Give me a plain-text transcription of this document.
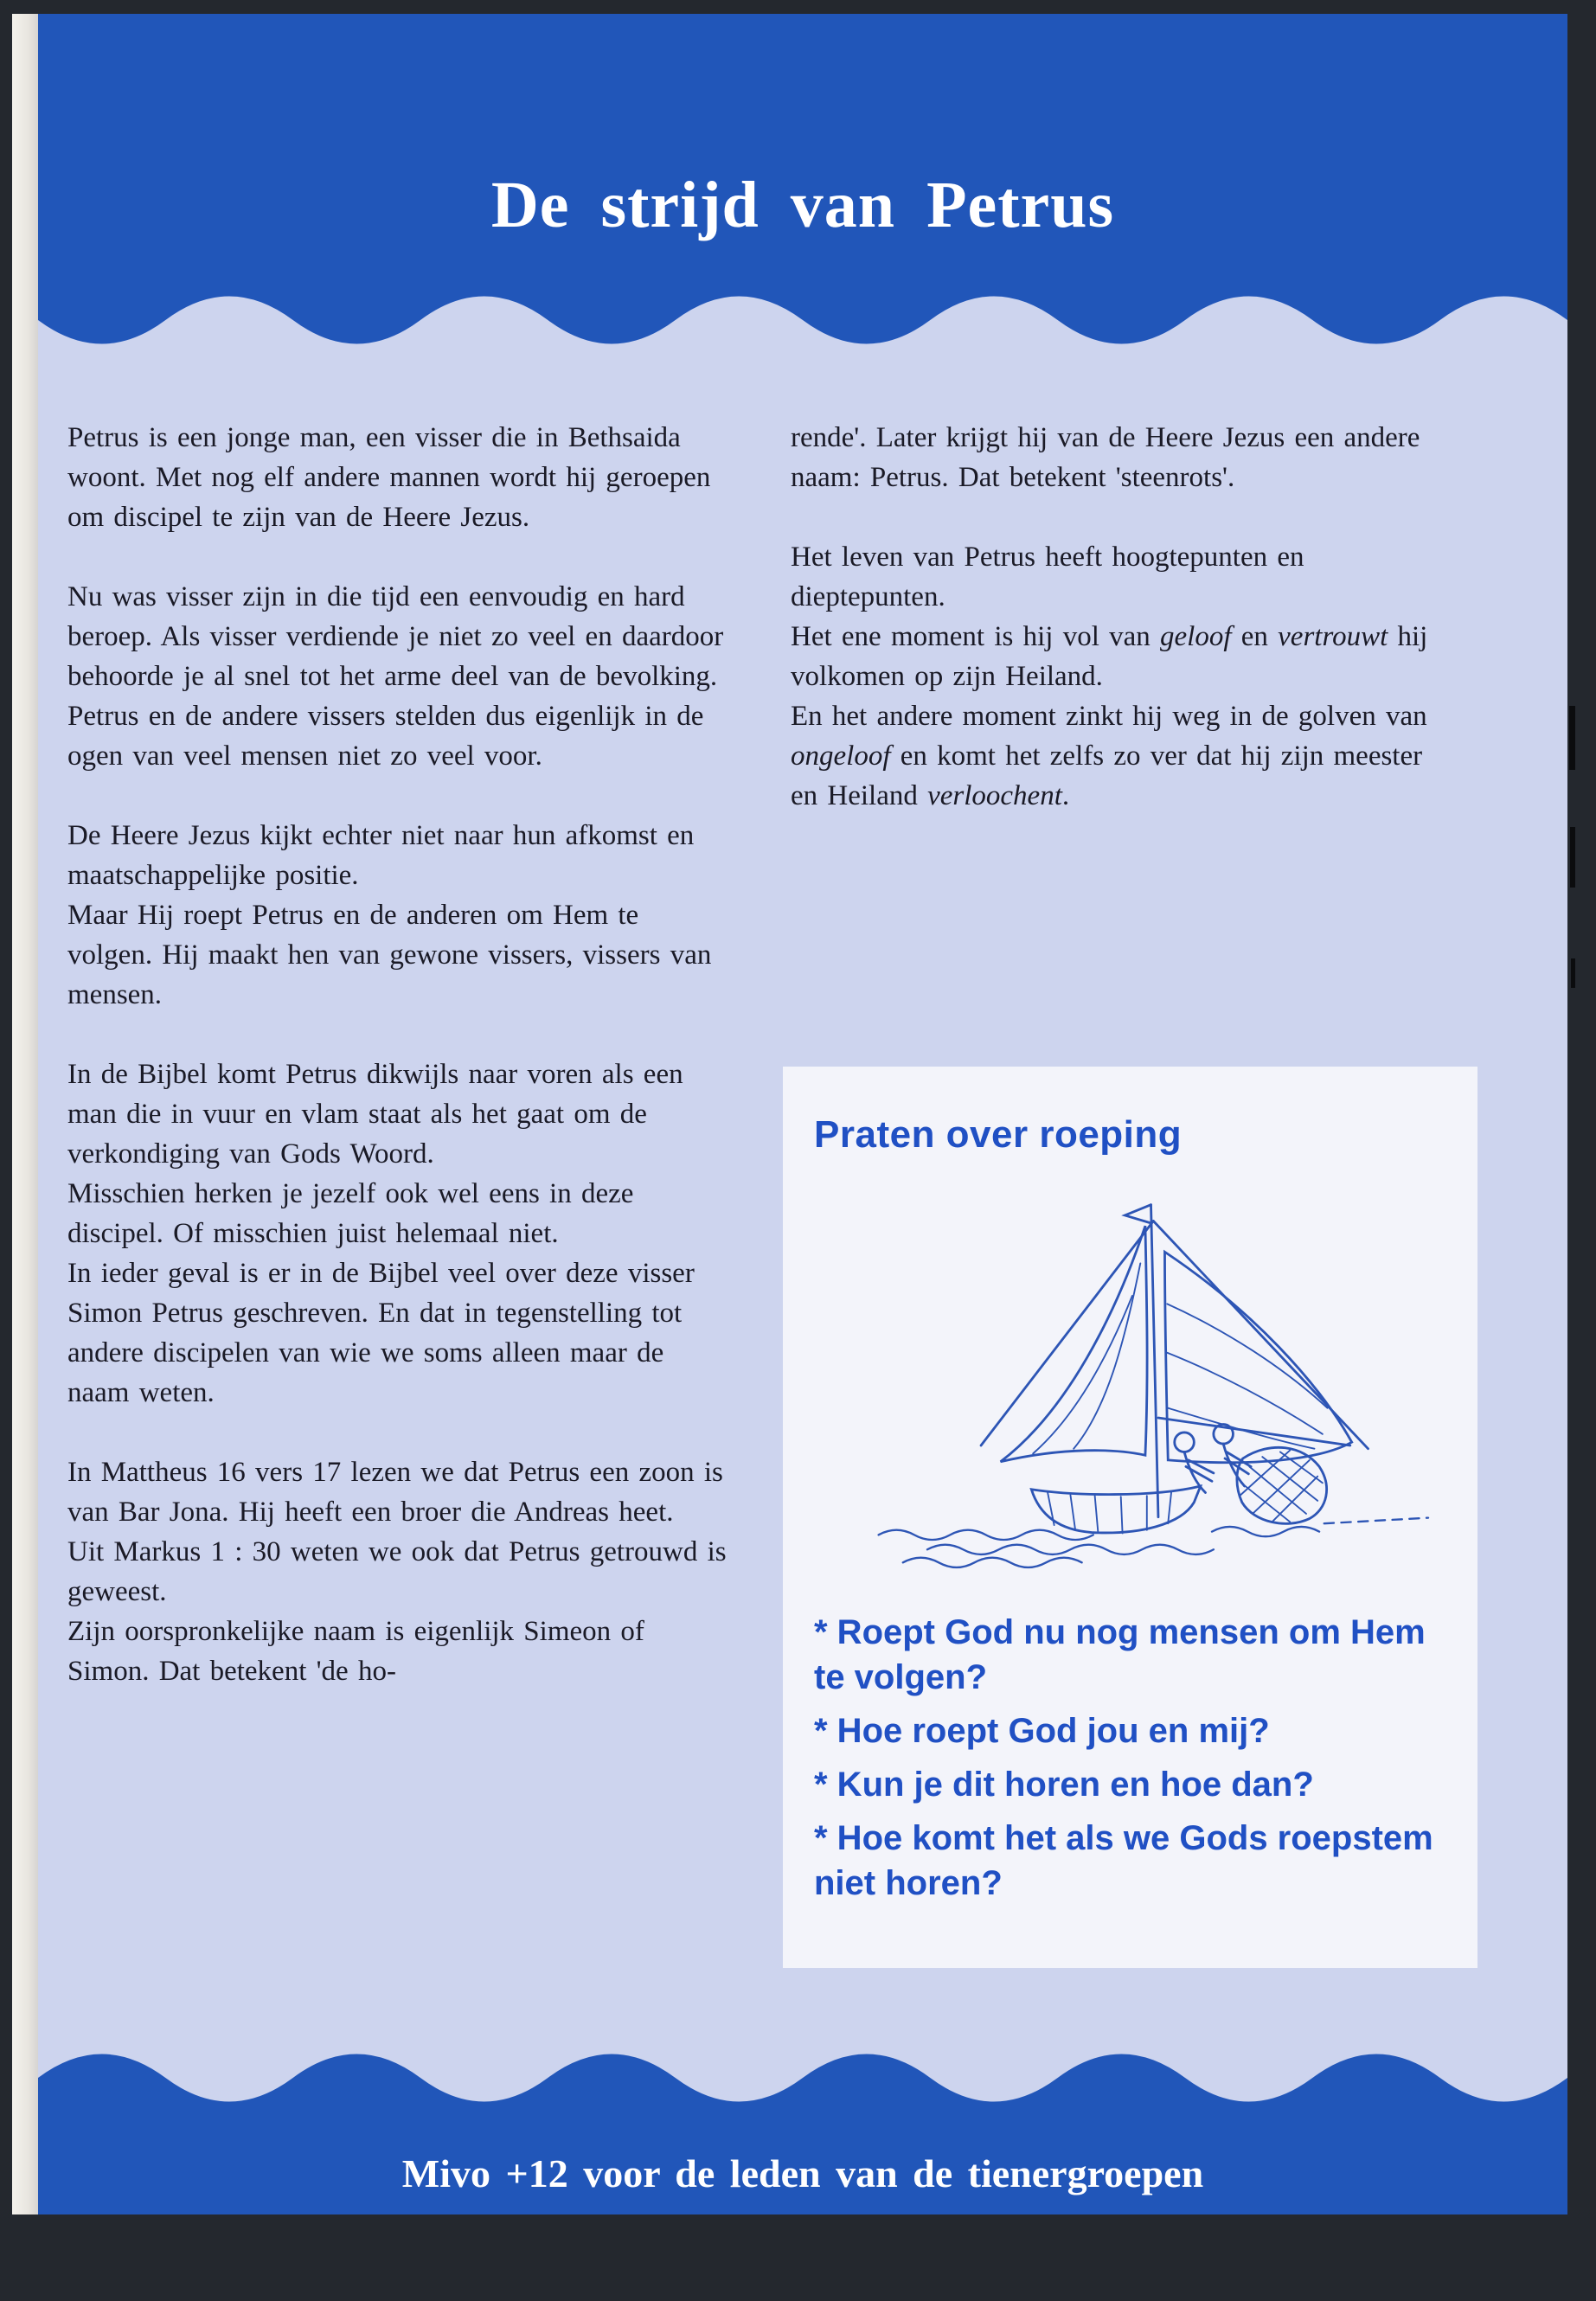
De strijd van Petrus

Petrus is een jonge man, een visser die in Bethsaida woont. Met nog elf andere mannen wordt hij geroepen om discipel te zijn van de Heere Jezus.

Nu was visser zijn in die tijd een eenvoudig en hard beroep. Als visser verdiende je niet zo veel en daardoor behoorde je al snel tot het arme deel van de bevolking.

Petrus en de andere vissers stelden dus eigenlijk in de ogen van veel mensen niet zo veel voor.

De Heere Jezus kijkt echter niet naar hun afkomst en maatschappelijke positie.

Maar Hij roept Petrus en de anderen om Hem te volgen. Hij maakt hen van gewone vissers, vissers van mensen.

In de Bijbel komt Petrus dikwijls naar voren als een man die in vuur en vlam staat als het gaat om de verkondiging van Gods Woord.

Misschien herken je jezelf ook wel eens in deze discipel. Of misschien juist helemaal niet.

In ieder geval is er in de Bijbel veel over deze visser Simon Petrus geschreven. En dat in tegenstelling tot andere discipelen van wie we soms alleen maar de naam weten.

In Mattheus 16 vers 17 lezen we dat Petrus een zoon is van Bar Jona. Hij heeft een broer die Andreas heet.

Uit Markus 1 : 30 weten we ook dat Petrus getrouwd is geweest.

Zijn oorspronkelijke naam is eigenlijk Simeon of Simon. Dat betekent 'de ho-

rende'. Later krijgt hij van de Heere Jezus een andere naam: Petrus. Dat betekent 'steenrots'.

Het leven van Petrus heeft hoogtepunten en dieptepunten.

Het ene moment is hij vol van geloof en vertrouwt hij volkomen op zijn Heiland.

En het andere moment zinkt hij weg in de golven van ongeloof en komt het zelfs zo ver dat hij zijn meester en Heiland verloochent.

Praten over roeping

* Roept God nu nog mensen om Hem te volgen?

* Hoe roept God jou en mij?

* Kun je dit horen en hoe dan?

* Hoe komt het als we Gods roepstem niet horen?

Mivo +12 voor de leden van de tienergroepen
